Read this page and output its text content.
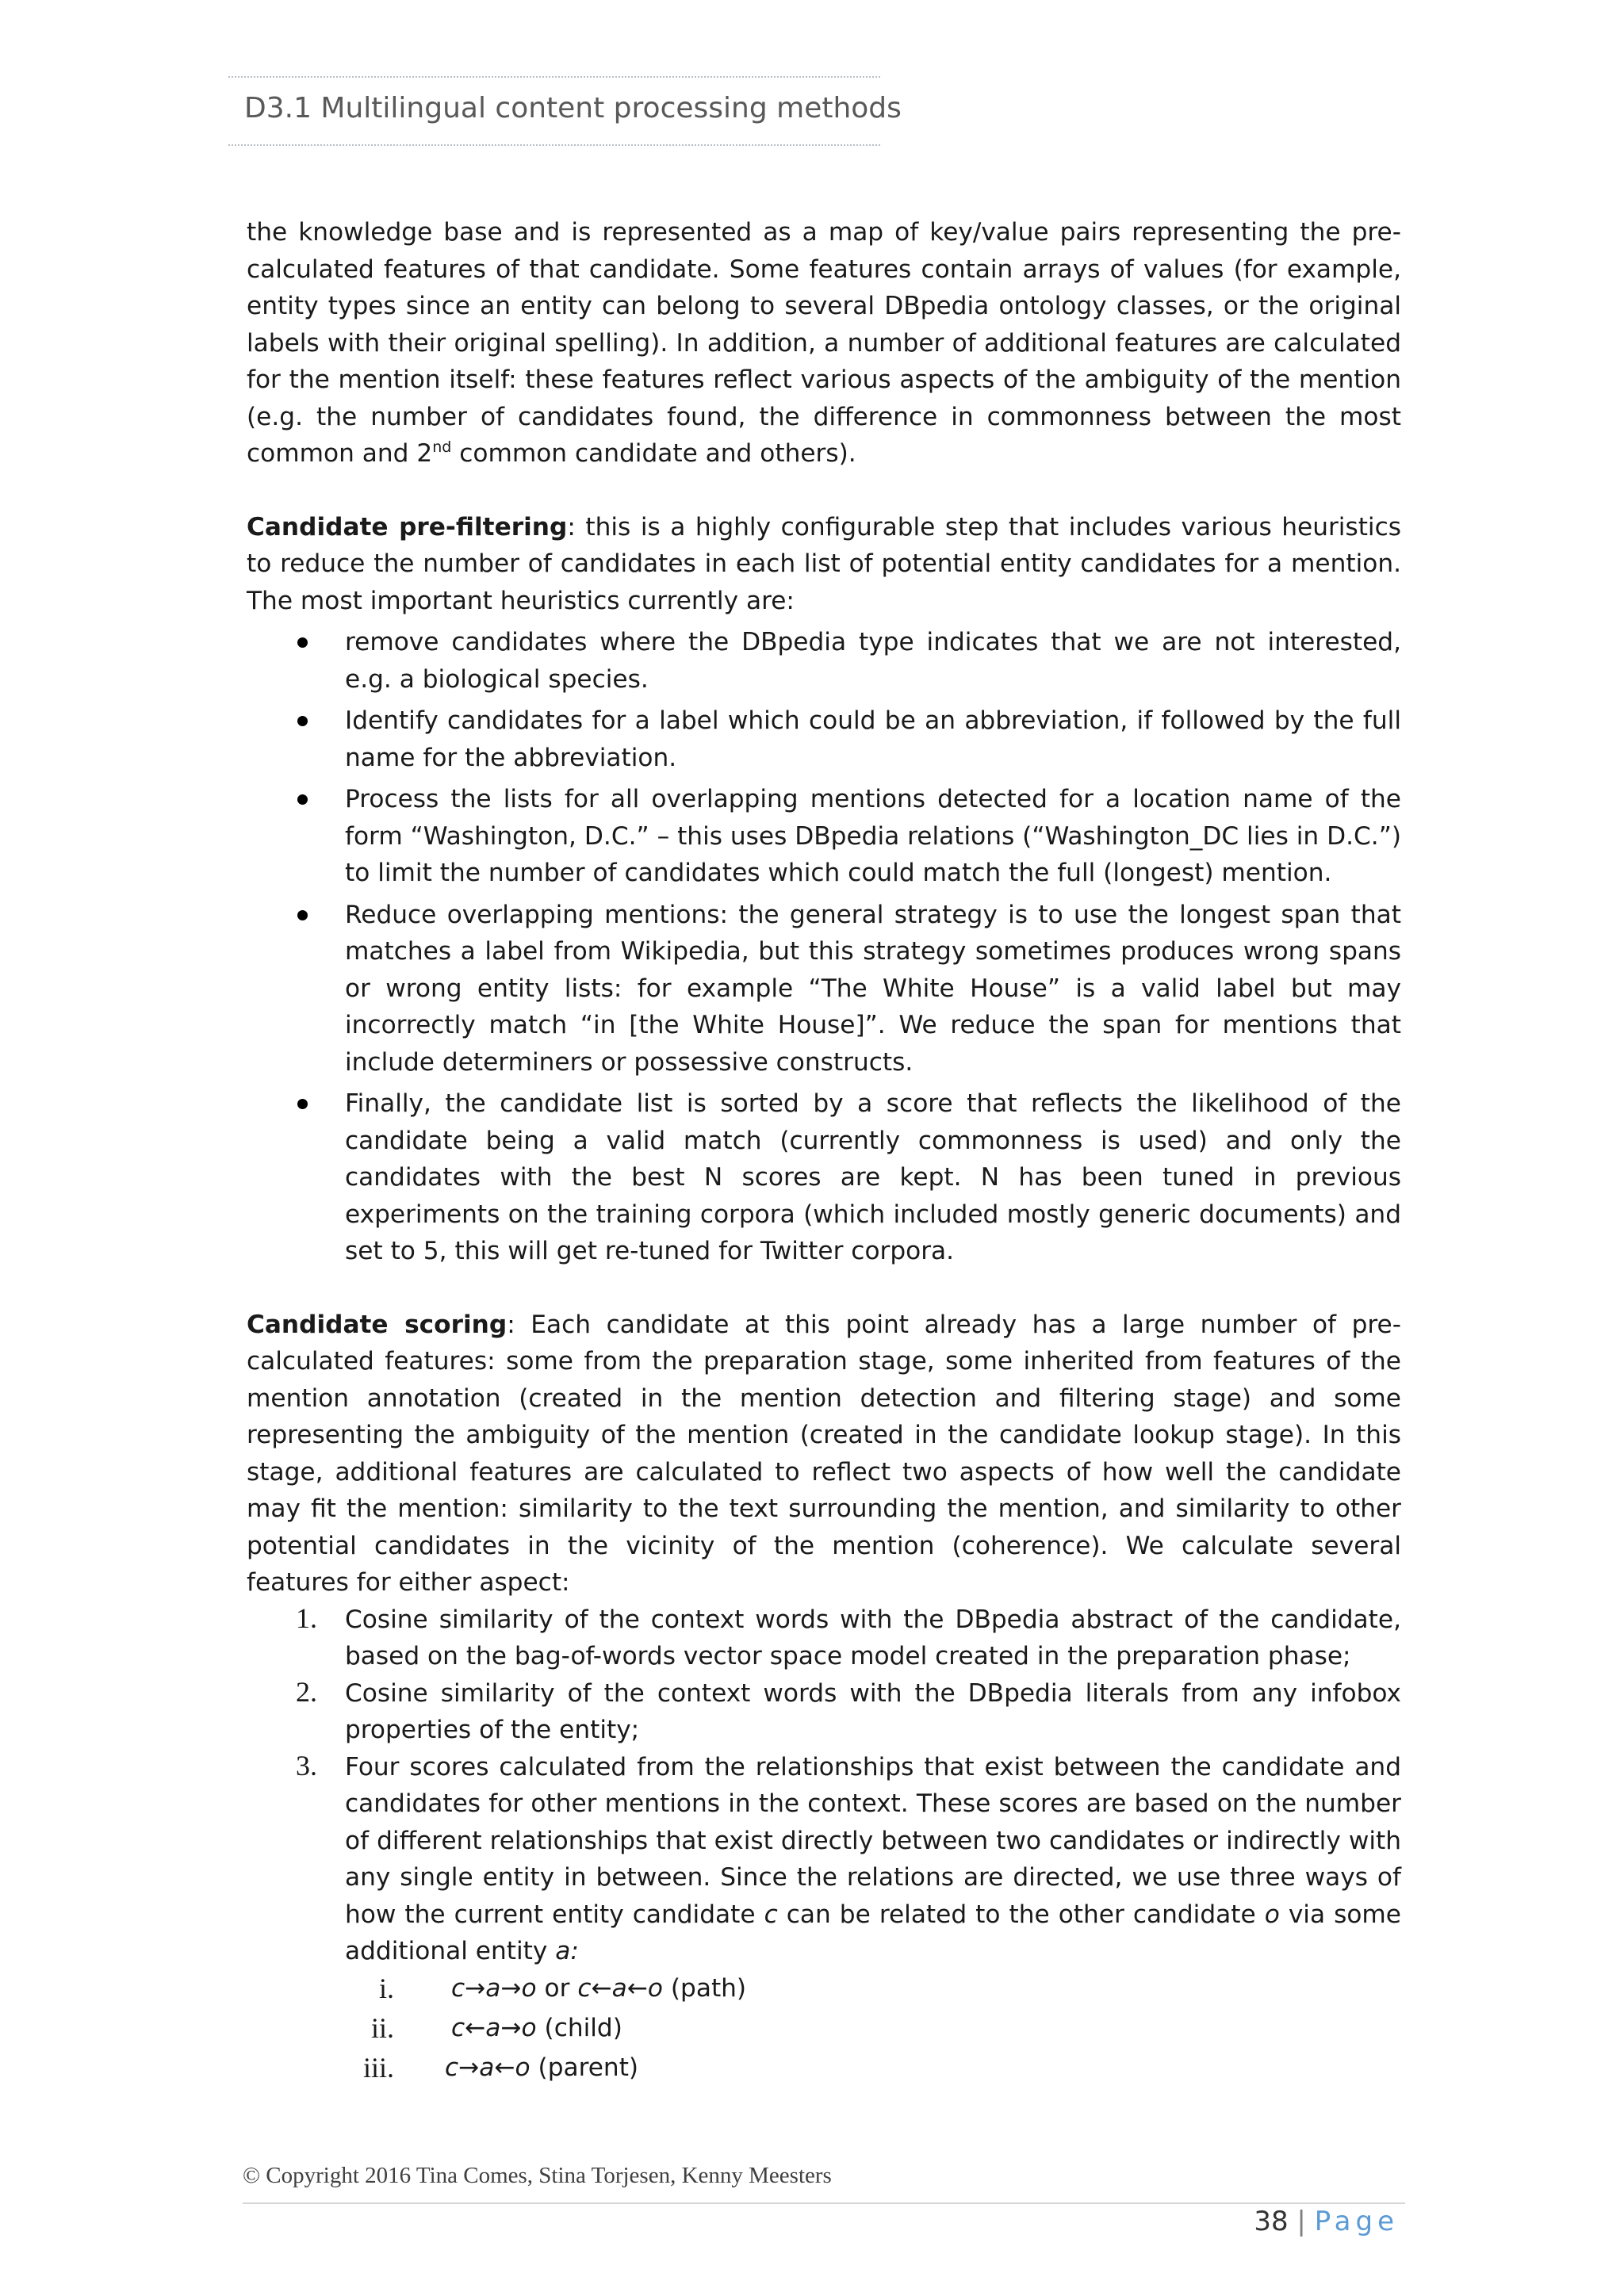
D3.1 Multilingual content processing methods

the knowledge base and is represented as a map of key/value pairs representing the pre-calculated features of that candidate. Some features contain arrays of values (for example, entity types since an entity can belong to several DBpedia ontology classes, or the original labels with their original spelling). In addition, a number of additional features are calculated for the mention itself: these features reflect various aspects of the ambiguity of the mention (e.g. the number of candidates found, the difference in commonness between the most common and 2nd common candidate and others).

Candidate pre-filtering: this is a highly configurable step that includes various heuristics to reduce the number of candidates in each list of potential entity candidates for a mention. The most important heuristics currently are:

remove candidates where the DBpedia type indicates that we are not interested, e.g. a biological species.
Identify candidates for a label which could be an abbreviation, if followed by the full name for the abbreviation.
Process the lists for all overlapping mentions detected for a location name of the form “Washington, D.C.” – this uses DBpedia relations (“Washington_DC lies in D.C.”) to limit the number of candidates which could match the full (longest) mention.
Reduce overlapping mentions: the general strategy is to use the longest span that matches a label from Wikipedia, but this strategy sometimes produces wrong spans or wrong entity lists: for example “The White House” is a valid label but may incorrectly match “in [the White House]”. We reduce the span for mentions that include determiners or possessive constructs.
Finally, the candidate list is sorted by a score that reflects the likelihood of the candidate being a valid match (currently commonness is used) and only the candidates with the best N scores are kept. N has been tuned in previous experiments on the training corpora (which included mostly generic documents) and set to 5, this will get re-tuned for Twitter corpora.

Candidate scoring: Each candidate at this point already has a large number of pre-calculated features: some from the preparation stage, some inherited from features of the mention annotation (created in the mention detection and filtering stage) and some representing the ambiguity of the mention (created in the candidate lookup stage). In this stage, additional features are calculated to reflect two aspects of how well the candidate may fit the mention: similarity to the text surrounding the mention, and similarity to other potential candidates in the vicinity of the mention (coherence). We calculate several features for either aspect:

1. Cosine similarity of the context words with the DBpedia abstract of the candidate, based on the bag-of-words vector space model created in the preparation phase;
2. Cosine similarity of the context words with the DBpedia literals from any infobox properties of the entity;
3. Four scores calculated from the relationships that exist between the candidate and candidates for other mentions in the context. These scores are based on the number of different relationships that exist directly between two candidates or indirectly with any single entity in between. Since the relations are directed, we use three ways of how the current entity candidate c can be related to the other candidate o via some additional entity a:
i. c→a→o or c←a←o (path)
ii. c←a→o (child)
iii. c→a←o (parent)
© Copyright 2016 Tina Comes, Stina Torjesen, Kenny Meesters
38 | Page
